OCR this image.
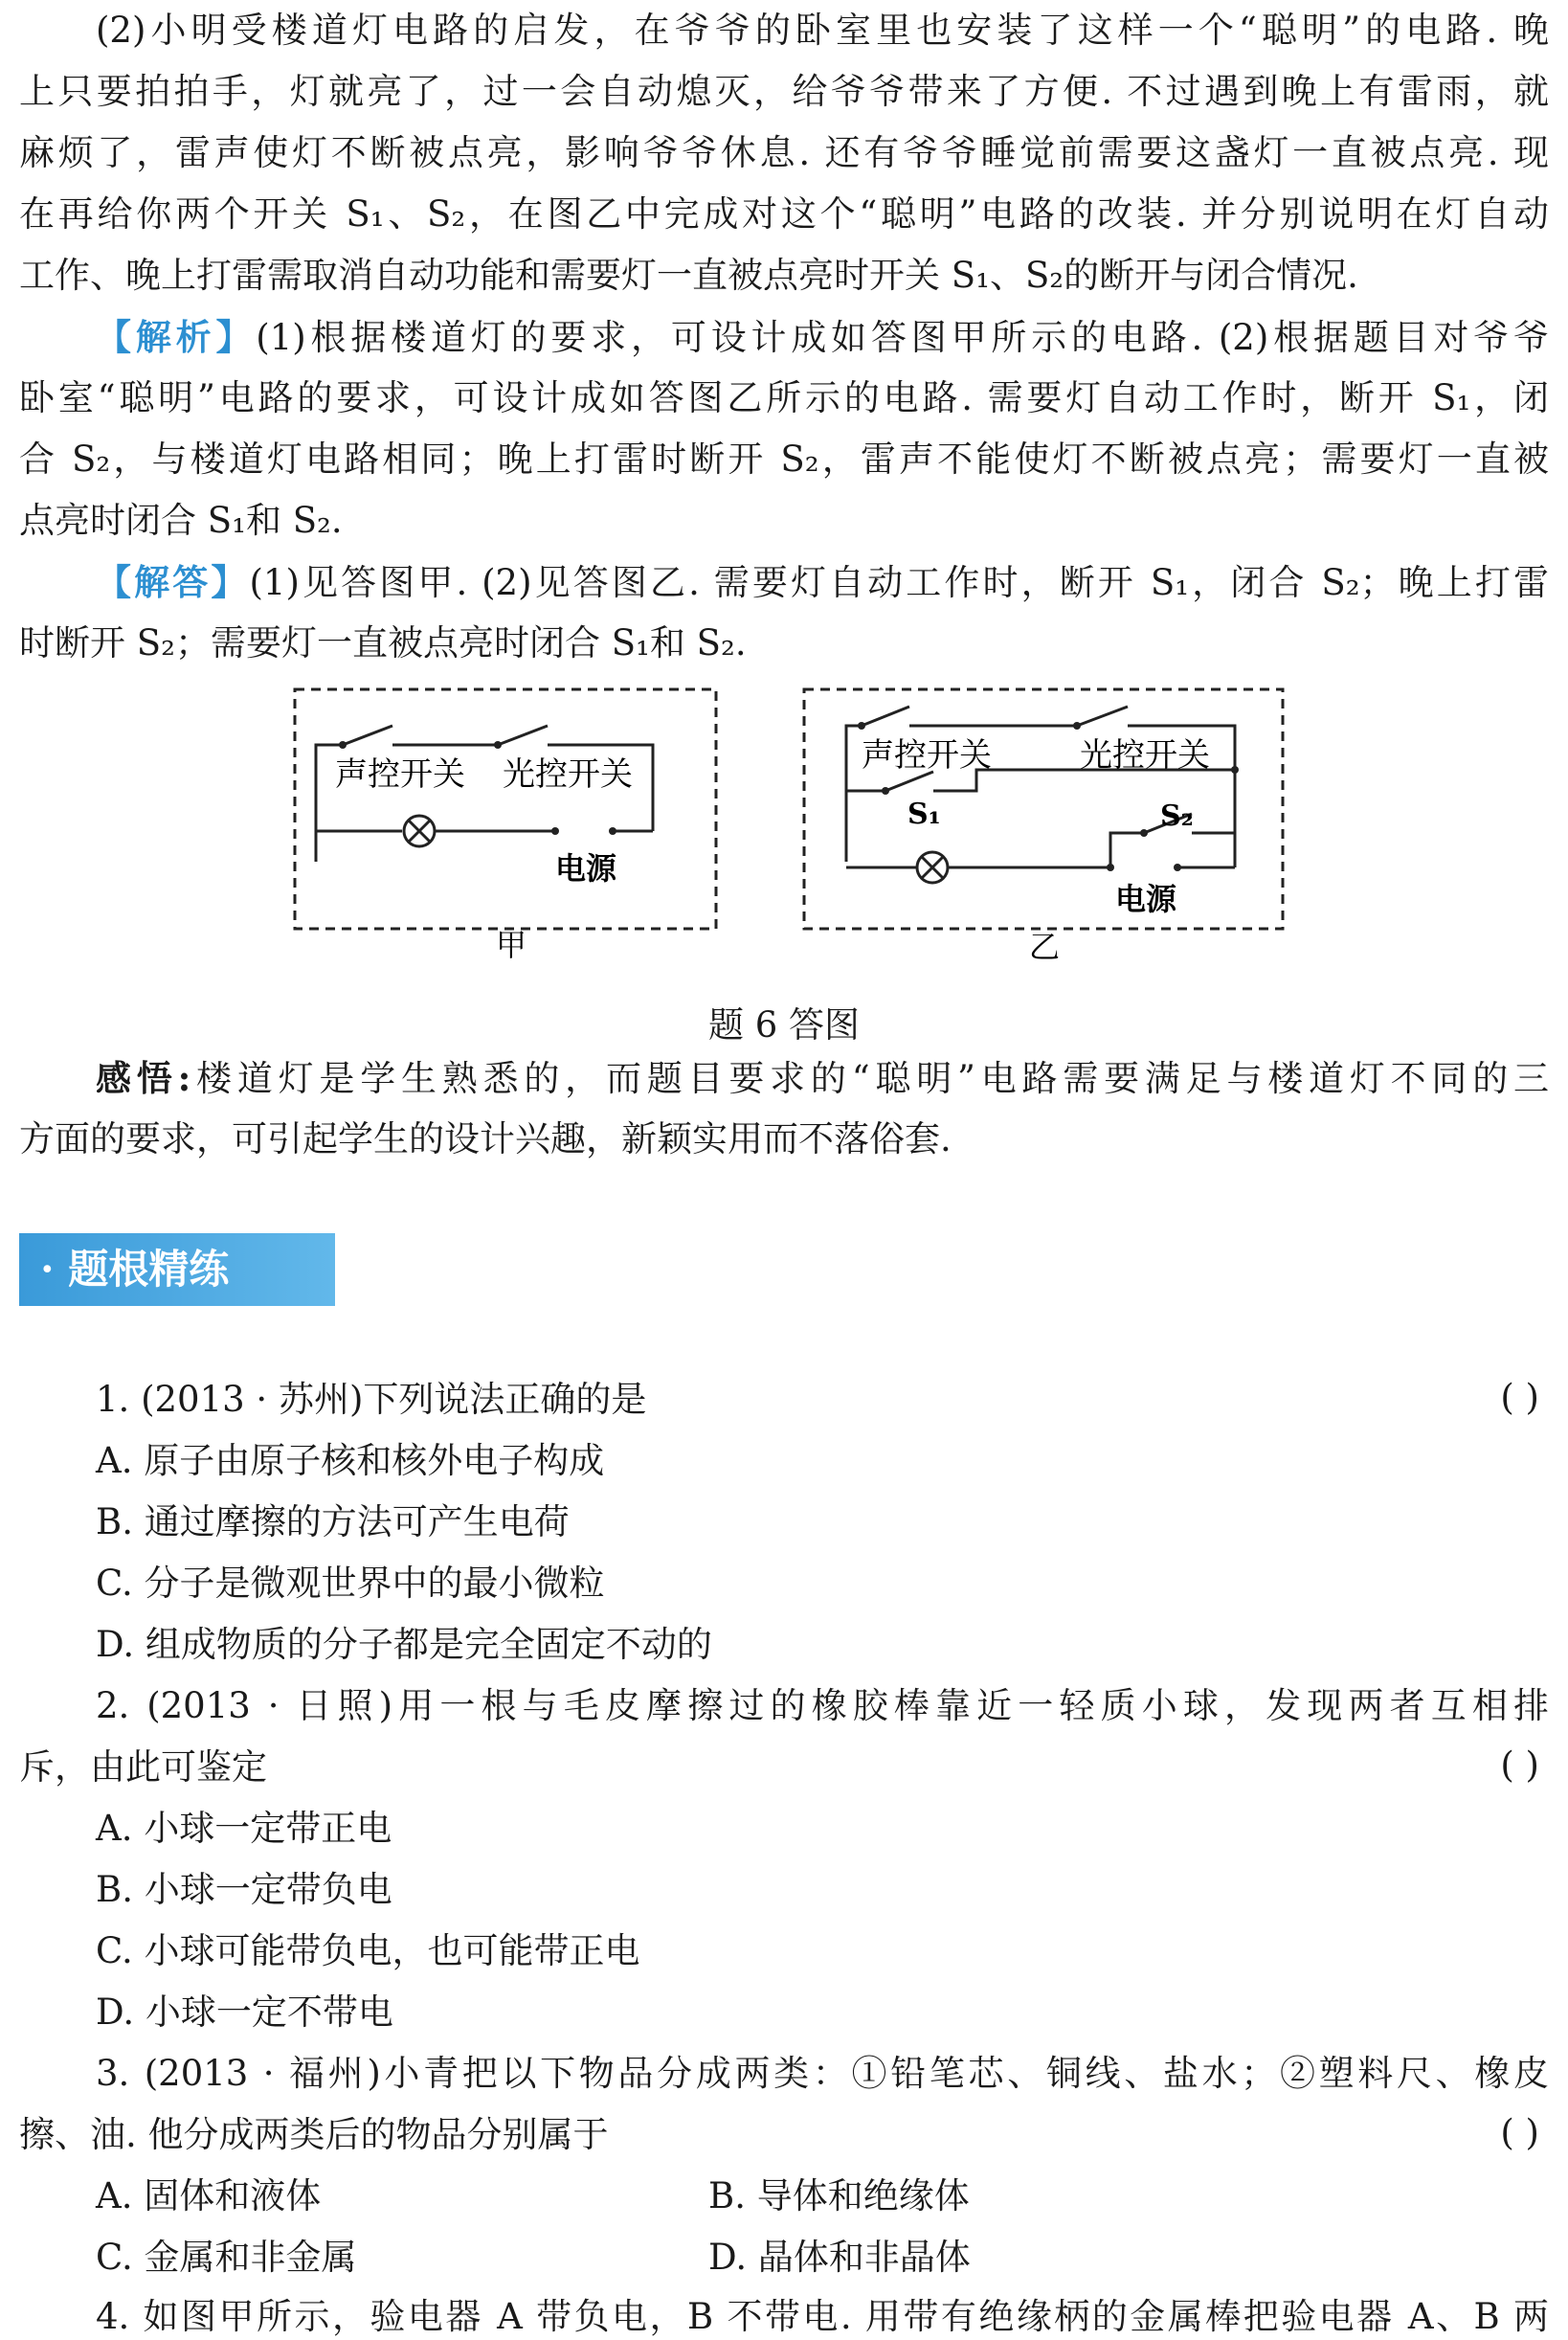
(2)小明受楼道灯电路的启发，在爷爷的卧室里也安装了这样一个“聪明”的电路. 晚
上只要拍拍手，灯就亮了，过一会自动熄灭，给爷爷带来了方便. 不过遇到晚上有雷雨，就
麻烦了，雷声使灯不断被点亮，影响爷爷休息. 还有爷爷睡觉前需要这盏灯一直被点亮. 现
在再给你两个开关 S₁、S₂，在图乙中完成对这个“聪明”电路的改装. 并分别说明在灯自动
工作、晚上打雷需取消自动功能和需要灯一直被点亮时开关 S₁、S₂的断开与闭合情况.
【解析】(1)根据楼道灯的要求，可设计成如答图甲所示的电路. (2)根据题目对爷爷
卧室“聪明”电路的要求，可设计成如答图乙所示的电路. 需要灯自动工作时，断开 S₁，闭
合 S₂，与楼道灯电路相同；晚上打雷时断开 S₂，雷声不能使灯不断被点亮；需要灯一直被
点亮时闭合 S₁和 S₂.
【解答】(1)见答图甲. (2)见答图乙. 需要灯自动工作时，断开 S₁，闭合 S₂；晚上打雷
时断开 S₂；需要灯一直被点亮时闭合 S₁和 S₂.
声控开关 光控开关
电源
甲
声控开关	光控开关
S₁	S₂
电源
乙
题 6 答图
感悟:楼道灯是学生熟悉的，而题目要求的“聪明”电路需要满足与楼道灯不同的三
方面的要求，可引起学生的设计兴趣，新颖实用而不落俗套.
· 题根精练
1. (2013 · 苏州)下列说法正确的是	( )
A. 原子由原子核和核外电子构成
B. 通过摩擦的方法可产生电荷
C. 分子是微观世界中的最小微粒
D. 组成物质的分子都是完全固定不动的
2. (2013 · 日照)用一根与毛皮摩擦过的橡胶棒靠近一轻质小球，发现两者互相排
斥，由此可鉴定	( )
A. 小球一定带正电
B. 小球一定带负电
C. 小球可能带负电，也可能带正电
D. 小球一定不带电
3. (2013 · 福州)小青把以下物品分成两类：①铅笔芯、铜线、盐水；②塑料尺、橡皮
擦、油. 他分成两类后的物品分别属于	( )
A. 固体和液体	B. 导体和绝缘体
C. 金属和非金属	D. 晶体和非晶体
4. 如图甲所示，验电器 A 带负电，B 不带电. 用带有绝缘柄的金属棒把验电器 A、B 两
